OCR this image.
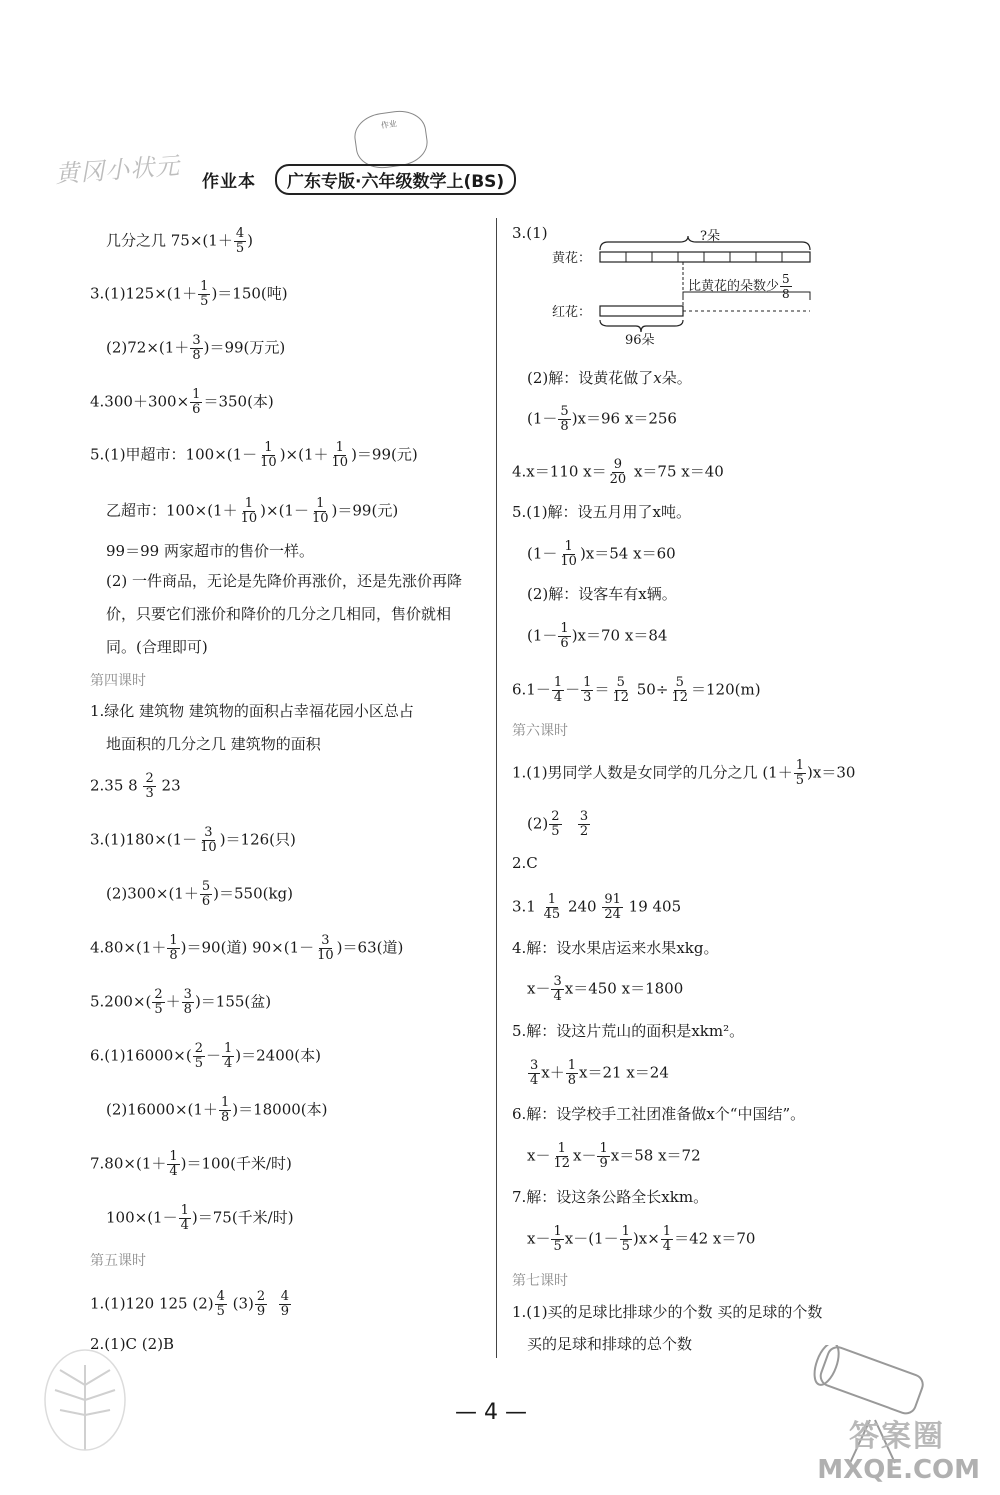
黄冈小状元
作业
作业本	广东专版·六年级数学上(BS)
几分之几 $75\times(1+ \frac{4}{5}$ )
$3.(1)125\times(1+ \frac{1}{5} )=150$(吨)
$(2)72\times(1+ \frac{3}{8} )=99$(万元)
$4.300+300\times \frac{1}{6} =350$(本)
5.(1)甲超市：$100\times(1- \frac{1}{10} )\times(1+ \frac{1}{10} )=99$(元)
乙超市：$100\times(1+ \frac{1}{10} )\times(1- \frac{1}{10} )=99$(元)
99＝99 两家超市的售价一样。
(2) 一件商品，无论是先降价再涨价，还是先涨价再降
价，只要它们涨价和降价的几分之几相同，售价就相
同。(合理即可)
第四课时
1.绿化 建筑物 建筑物的面积占幸福花园小区总占
地面积的几分之几 建筑物的面积
2.35 $8 \frac{2}{3} 23$
$3.(1)180\times(1- \frac{3}{10} )=126$(只)
$(2)300\times(1+ \frac{5}{6} )=550(kg)$
$4.80\times(1+ \frac{1}{8} )=90$(道) $90\times(1- \frac{3}{10} )=63$(道)
$5.200\times( \frac{2}{5} + \frac{3}{8} )=155$(盆)
$6.(1)16000\times( \frac{2}{5} - \frac{1}{4} )=2400$(本)
$(2)16000\times(1+ \frac{1}{8} )=18000$(本)
$7.80\times(1+ \frac{1}{4} )=100$(千米/时)
$100\times(1- \frac{1}{4} )=75$(千米/时)
第五课时
1.(1)120 125 $(2) \frac{4}{5} (3) \frac{2}{9}$
$\frac{4}{9}$
2.(1)C (2)B
3.(1)	?朵
黄花：
红花：
比黄花的朵数少 $\frac{5}{8}$
96朵
(2)解：设黄花做了x朵。
$(1- \frac{5}{8} )x=96$ x＝256
4.x＝110 $x= \frac{9}{20} x=75$ x＝40
5.(1)解：设五月用了x吨。
$(1- \frac{1}{10} )x=54$ x＝60
(2)解：设客车有x辆。
$(1- \frac{1}{6} )x=70$ x＝84
$6.1- \frac{1}{4} - \frac{1}{3} = \frac{5}{12} 50\div \frac{5}{12} =120(m)$
第六课时
1.(1)男同学人数是女同学的几分之几 $(1+ \frac{1}{5} )x=30$
$(2) \frac{2}{5}$
$\frac{3}{2}$
2.C
$3.1 \frac{1}{45} 240 \frac{91}{24} 19$ 405
4.解：设水果店运来水果xkg。
$x- \frac{3}{4} x=450$ x＝1800
5.解：设这片荒山的面积是xkm²。
$\frac{3}{4} x+ \frac{1}{8} x=21$ x＝24
6.解：设学校手工社团准备做x个“中国结”。
$x- \frac{1}{12} x- \frac{1}{9} x=58$ x＝72
7.解：设这条公路全长xkm。
$x- \frac{1}{5} x-(1- \frac{1}{5} )x\times \frac{1}{4} =42$ x＝70
第七课时
1.(1)买的足球比排球少的个数 买的足球的个数
买的足球和排球的总个数
— 4 —
答案圈
MXQE.COM
